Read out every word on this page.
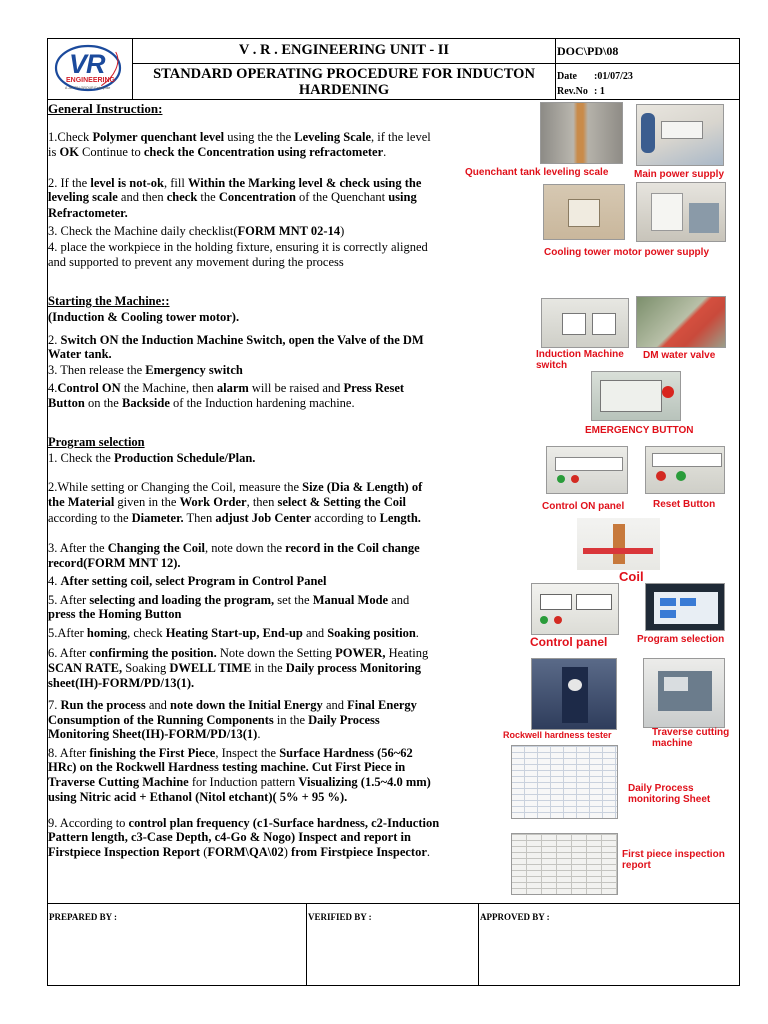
VR
ENGINEERING
A JATTIN GROUP Enterprise
V . R . ENGINEERING UNIT - II
STANDARD OPERATING PROCEDURE FOR INDUCTON
HARDENING
DOC\PD\08
Date :01/07/23
Rev.No : 1
General Instruction:
1.Check Polymer quenchant level using the the Leveling Scale, if the level
is OK Continue to check the Concentration using refractometer.
2. If the level is not-ok, fill Within the Marking level & check using the
leveling scale and then check the Concentration of the Quenchant using
Refractometer.
3. Check the Machine daily checklist(FORM MNT 02-14)
4. place the workpiece in the holding fixture, ensuring it is correctly aligned
and supported to prevent any movement during the process
Starting the Machine::
(Induction & Cooling tower motor).
2. Switch ON the Induction Machine Switch, open the Valve of the DM
Water tank.
3. Then release the Emergency switch
4.Control ON the Machine, then alarm will be raised and Press Reset
Button on the Backside of the Induction hardening machine.
Program selection
1. Check the Production Schedule/Plan.
2.While setting or Changing the Coil, measure the Size (Dia & Length) of
the Material given in the Work Order, then select & Setting the Coil
according to the Diameter. Then adjust Job Center according to Length.
3. After the Changing the Coil, note down the record in the Coil change
record(FORM MNT 12).
4. After setting coil, select Program in Control Panel
5. After selecting and loading the program, set the Manual Mode and
press the Homing Button
5.After homing, check Heating Start-up, End-up and Soaking position.
6. After confirming the position. Note down the Setting POWER, Heating
SCAN RATE, Soaking DWELL TIME in the Daily process Monitoring
sheet(IH)-FORM/PD/13(1).
7. Run the process and note down the Initial Energy and Final Energy
Consumption of the Running Components in the Daily Process
Monitoring Sheet(IH)-FORM/PD/13(1).
8. After finishing the First Piece, Inspect the Surface Hardness (56~62
HRc) on the Rockwell Hardness testing machine. Cut First Piece in
Traverse Cutting Machine for Induction pattern Visualizing (1.5~4.0 mm)
using Nitric acid + Ethanol (Nitol etchant)( 5% + 95 %).
9. According to control plan frequency (c1-Surface hardness, c2-Induction
Pattern length, c3-Case Depth, c4-Go & Nogo) Inspect and report in
Firstpiece Inspection Report (FORM\QA\02) from Firstpiece Inspector.
Quenchant tank leveling scale	Main power supply
Cooling tower motor power supply
Induction Machine
switch
DM water valve
EMERGENCY BUTTON
Control ON panel	Reset Button
Coil
Control panel	Program selection
Rockwell hardness tester	Traverse cutting
machine
Daily Process
monitoring Sheet
First piece inspection
report
PREPARED BY :	VERIFIED BY :	APPROVED BY :
